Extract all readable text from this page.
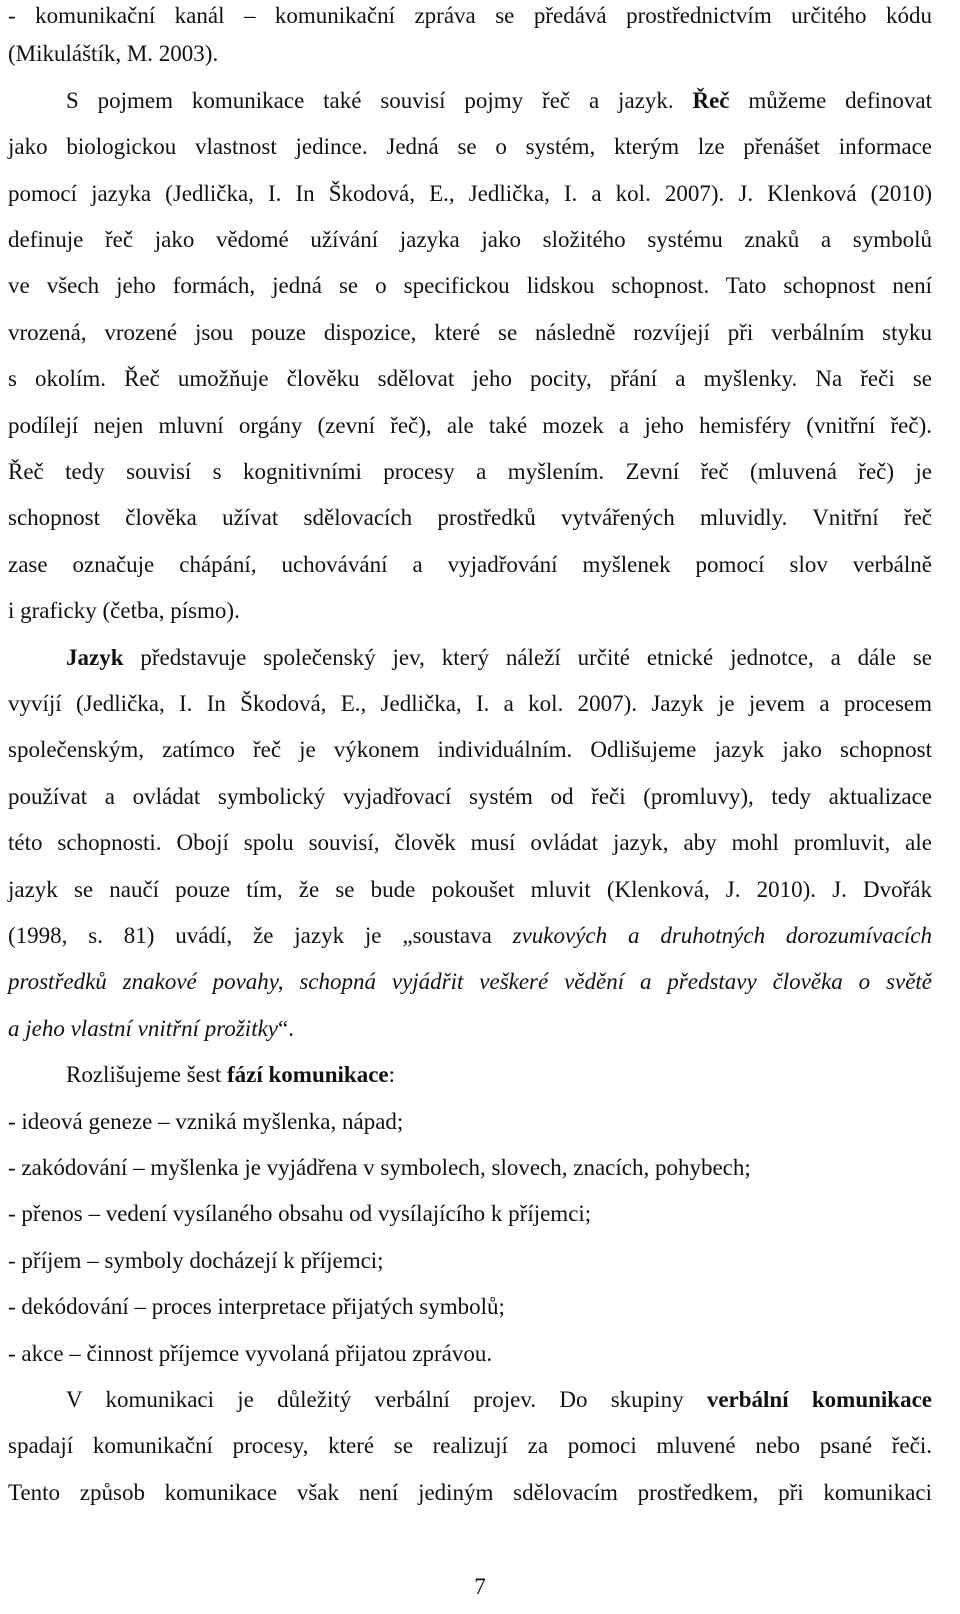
- komunikační kanál – komunikační zpráva se předává prostřednictvím určitého kódu
(Mikuláštík, M. 2003).
S pojmem komunikace také souvisí pojmy řeč a jazyk. Řeč můžeme definovat
jako biologickou vlastnost jedince. Jedná se o systém, kterým lze přenášet informace
pomocí jazyka (Jedlička, I. In Škodová, E., Jedlička, I. a kol. 2007). J. Klenková (2010)
definuje řeč jako vědomé užívání jazyka jako složitého systému znaků a symbolů
ve všech jeho formách, jedná se o specifickou lidskou schopnost. Tato schopnost není
vrozená, vrozené jsou pouze dispozice, které se následně rozvíjejí při verbálním styku
s okolím. Řeč umožňuje člověku sdělovat jeho pocity, přání a myšlenky. Na řeči se
podílejí nejen mluvní orgány (zevní řeč), ale také mozek a jeho hemisféry (vnitřní řeč).
Řeč tedy souvisí s kognitivními procesy a myšlením. Zevní řeč (mluvená řeč) je
schopnost člověka užívat sdělovacích prostředků vytvářených mluvidly. Vnitřní řeč
zase označuje chápání, uchovávání a vyjadřování myšlenek pomocí slov verbálně
i graficky (četba, písmo).
Jazyk představuje společenský jev, který náleží určité etnické jednotce, a dále se
vyvíjí (Jedlička, I. In Škodová, E., Jedlička, I. a kol. 2007). Jazyk je jevem a procesem
společenským, zatímco řeč je výkonem individuálním. Odlišujeme jazyk jako schopnost
používat a ovládat symbolický vyjadřovací systém od řeči (promluvy), tedy aktualizace
této schopnosti. Obojí spolu souvisí, člověk musí ovládat jazyk, aby mohl promluvit, ale
jazyk se naučí pouze tím, že se bude pokoušet mluvit (Klenková, J. 2010). J. Dvořák
(1998, s. 81) uvádí, že jazyk je „soustava zvukových a druhotných dorozumívacích
prostředků znakové povahy, schopná vyjádřit veškeré vědění a představy člověka o světě
a jeho vlastní vnitřní prožitky“.
Rozlišujeme šest fází komunikace:
- ideová geneze – vzniká myšlenka, nápad;
- zakódování – myšlenka je vyjádřena v symbolech, slovech, znacích, pohybech;
- přenos – vedení vysílaného obsahu od vysílajícího k příjemci;
- příjem – symboly docházejí k příjemci;
- dekódování – proces interpretace přijatých symbolů;
- akce – činnost příjemce vyvolaná přijatou zprávou.
V komunikaci je důležitý verbální projev. Do skupiny verbální komunikace
spadají komunikační procesy, které se realizují za pomoci mluvené nebo psané řeči.
Tento způsob komunikace však není jediným sdělovacím prostředkem, při komunikaci
7
